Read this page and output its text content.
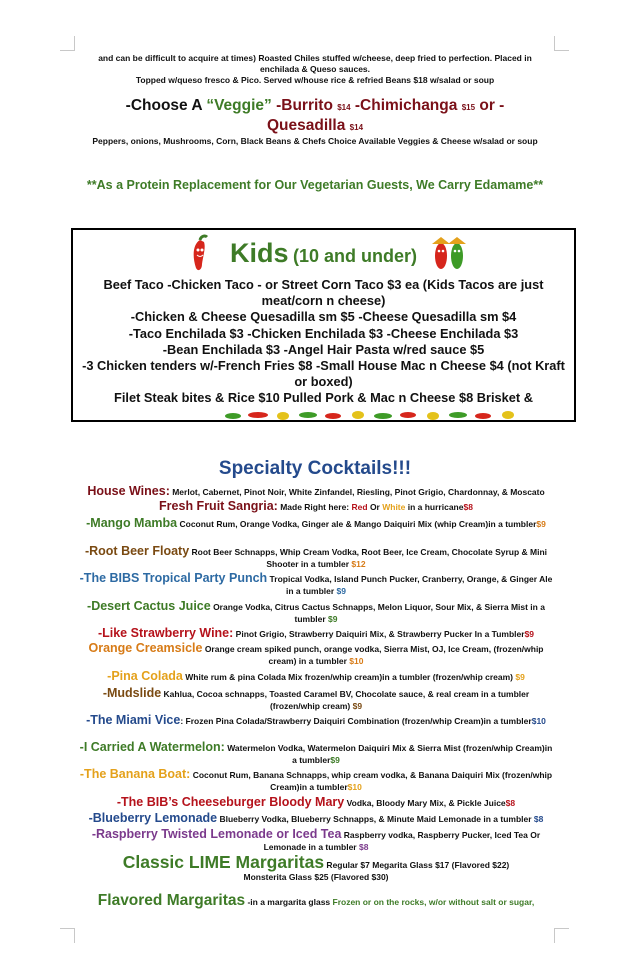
and can be difficult to acquire at times) Roasted Chiles stuffed w/cheese, deep fried to perfection. Placed in enchilada & Queso sauces.
Topped w/queso fresco & Pico. Served w/house rice & refried Beans $18 w/salad or soup
-Choose A “Veggie” -Burrito $14 -Chimichanga $15 or -
Quesadilla $14
Peppers, onions, Mushrooms, Corn, Black Beans & Chefs Choice Available Veggies & Cheese w/salad or soup
**As a Protein Replacement for Our Vegetarian Guests, We Carry Edamame**
Kids (10 and under)
Beef Taco -Chicken Taco - or Street Corn Taco $3 ea (Kids Tacos are just meat/corn n cheese)
-Chicken & Cheese Quesadilla sm $5 -Cheese Quesadilla sm $4
-Taco Enchilada $3 -Chicken Enchilada $3 -Cheese Enchilada $3
-Bean Enchilada $3 -Angel Hair Pasta w/red sauce $5
-3 Chicken tenders w/-French Fries $8 -Small House Mac n Cheese $4 (not Kraft or boxed)
Filet Steak bites & Rice $10 Pulled Pork & Mac n Cheese $8 Brisket &
Specialty Cocktails!!!
House Wines: Merlot, Cabernet, Pinot Noir, White Zinfandel, Riesling, Pinot Grigio, Chardonnay, & Moscato
Fresh Fruit Sangria: Made Right here: Red Or White in a hurricane$8
-Mango Mamba Coconut Rum, Orange Vodka, Ginger ale & Mango Daiquiri Mix (whip Cream)in a tumbler$9
-Root Beer Floaty Root Beer Schnapps, Whip Cream Vodka, Root Beer, Ice Cream, Chocolate Syrup & Mini Shooter in a tumbler $12
-The BIBS Tropical Party Punch Tropical Vodka, Island Punch Pucker, Cranberry, Orange, & Ginger Ale in a tumbler $9
-Desert Cactus Juice Orange Vodka, Citrus Cactus Schnapps, Melon Liquor, Sour Mix, & Sierra Mist in a tumbler $9
-Like Strawberry Wine: Pinot Grigio, Strawberry Daiquiri Mix, & Strawberry Pucker In a Tumbler$9
Orange Creamsicle Orange cream spiked punch, orange vodka, Sierra Mist, OJ, Ice Cream, (frozen/whip cream) in a tumbler $10
-Pina Colada White rum & pina Colada Mix frozen/whip cream)in a tumbler (frozen/whip cream) $9
-Mudslide Kahlua, Cocoa schnapps, Toasted Caramel BV, Chocolate sauce, & real cream in a tumbler (frozen/whip cream) $9
-The Miami Vice: Frozen Pina Colada/Strawberry Daiquiri Combination (frozen/whip Cream)in a tumbler$10
-I Carried A Watermelon: Watermelon Vodka, Watermelon Daiquiri Mix & Sierra Mist (frozen/whip Cream)in a tumbler$9
-The Banana Boat: Coconut Rum, Banana Schnapps, whip cream vodka, & Banana Daiquiri Mix (frozen/whip Cream)in a tumbler$10
-The BIB’s Cheeseburger Bloody Mary Vodka, Bloody Mary Mix, & Pickle Juice$8
-Blueberry Lemonade Blueberry Vodka, Blueberry Schnapps, & Minute Maid Lemonade in a tumbler $8
-Raspberry Twisted Lemonade or Iced Tea Raspberry vodka, Raspberry Pucker, Iced Tea Or Lemonade in a tumbler $8
Classic LIME Margaritas Regular $7 Megarita Glass $17 (Flavored $22)
Monsterita Glass $25 (Flavored $30)
Flavored Margaritas -in a margarita glass Frozen or on the rocks, w/or without salt or sugar,
